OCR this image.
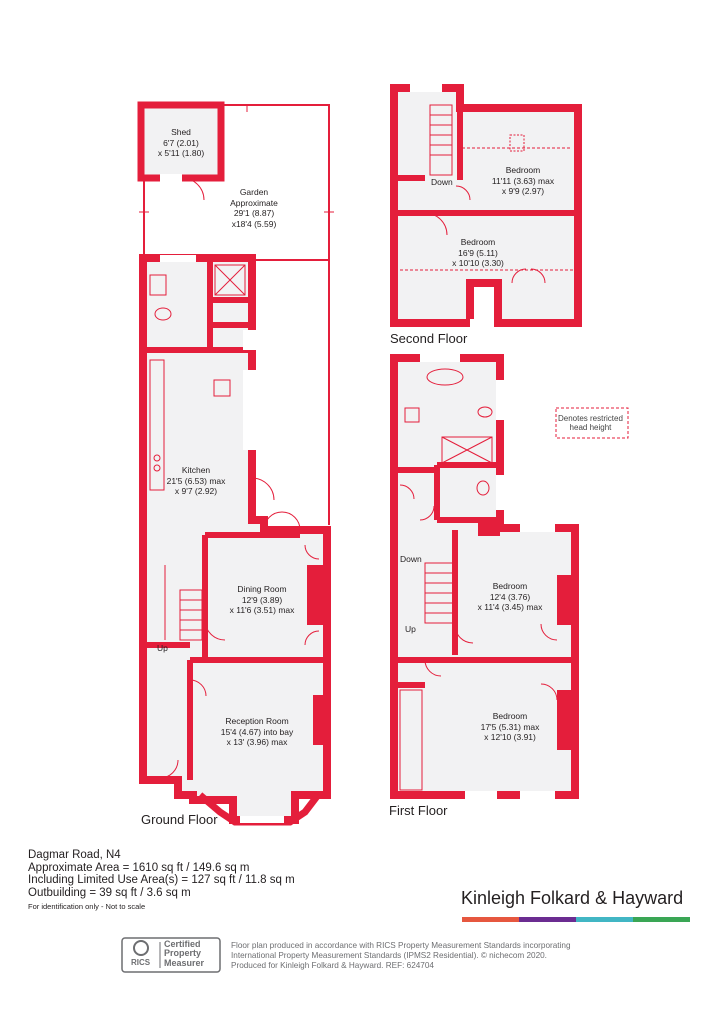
Shed
6'7 (2.01)
x 5'11 (1.80)
Garden
Approximate
29'1 (8.87)
x18'4 (5.59)
Kitchen
21'5 (6.53) max
x 9'7 (2.92)
Dining Room
12'9 (3.89)
x 11'6 (3.51) max
Reception Room
15'4 (4.67) into bay
x 13' (3.96) max
Up
Bedroom
11'11 (3.63) max
x 9'9 (2.97)
Bedroom
16'9 (5.11)
x 10'10 (3.30)
Down
Bedroom
12'4 (3.76)
x 11'4 (3.45) max
Bedroom
17'5 (5.31) max
x 12'10 (3.91)
Down
Up
Denotes restricted
head height
Ground Floor
First Floor
Second Floor
Dagmar Road, N4
Approximate Area = 1610 sq ft / 149.6 sq m
Including Limited Use Area(s) = 127 sq ft / 11.8 sq m
Outbuilding = 39 sq ft / 3.6 sq m
For identification only - Not to scale	Kinleigh Folkard & Hayward
RICS
Certified
Property
Measurer
Floor plan produced in accordance with RICS Property Measurement Standards incorporating
International Property Measurement Standards (IPMS2 Residential). © nichecom 2020.
Produced for Kinleigh Folkard & Hayward. REF: 624704
